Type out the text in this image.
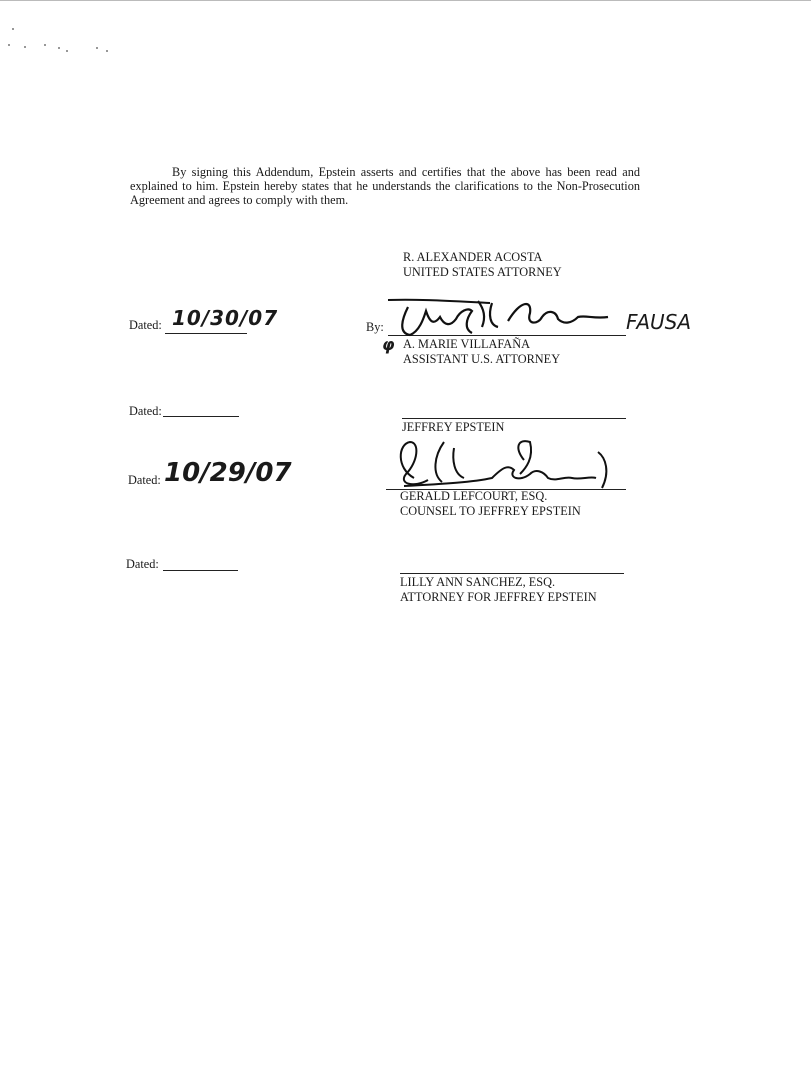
By signing this Addendum, Epstein asserts and certifies that the above has been read and explained to him. Epstein hereby states that he understands the clarifications to the Non-Prosecution Agreement and agrees to comply with them.
R. ALEXANDER ACOSTA
UNITED STATES ATTORNEY
Dated: 10/30/07	By:	FAUSA
φ A. MARIE VILLAFAÑA
ASSISTANT U.S. ATTORNEY
Dated:
JEFFREY EPSTEIN
Dated: 10/29/07
GERALD LEFCOURT, ESQ.
COUNSEL TO JEFFREY EPSTEIN
Dated:
LILLY ANN SANCHEZ, ESQ.
ATTORNEY FOR JEFFREY EPSTEIN
